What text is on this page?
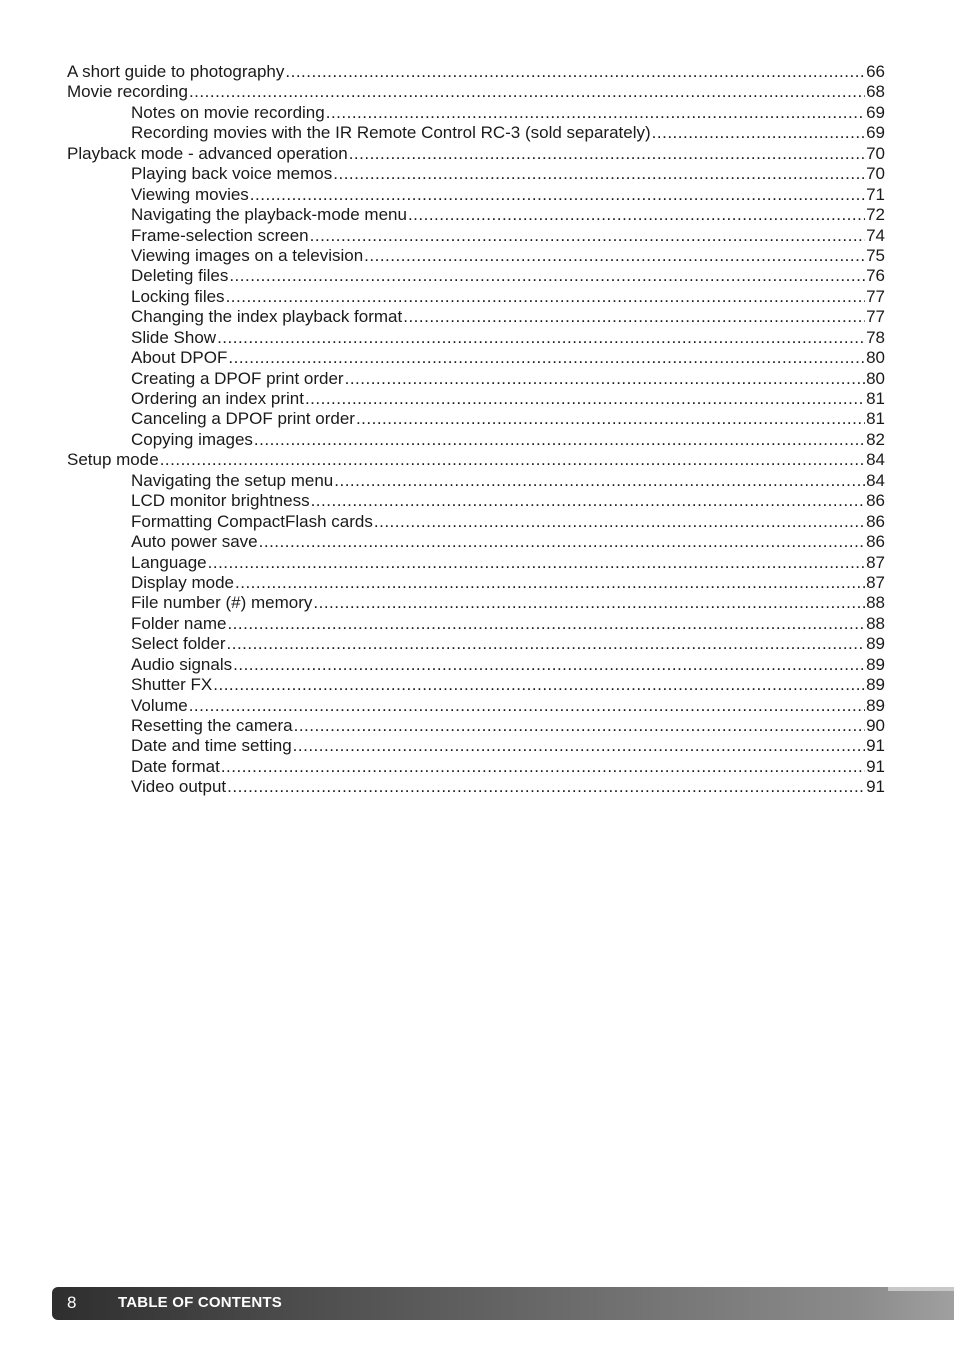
A short guide to photography .....	66
Movie recording .....	68
Notes on movie recording .....	69
Recording movies with the IR Remote Control RC-3 (sold separately) .....	69
Playback mode - advanced operation .....	70
Playing back voice memos .....	70
Viewing movies .....	71
Navigating the playback-mode menu .....	72
Frame-selection screen .....	74
Viewing images on a television .....	75
Deleting files .....	76
Locking files .....	77
Changing the index playback format .....	77
Slide Show .....	78
About DPOF .....	80
Creating a DPOF print order .....	80
Ordering an index print .....	81
Canceling a DPOF print order .....	81
Copying images .....	82
Setup mode .....	84
Navigating the setup menu .....	84
LCD monitor brightness .....	86
Formatting CompactFlash cards .....	86
Auto power save .....	86
Language .....	87
Display mode .....	87
File number (#) memory .....	88
Folder name .....	88
Select folder .....	89
Audio signals .....	89
Shutter FX .....	89
Volume .....	89
Resetting the camera .....	90
Date and time setting .....	91
Date format .....	91
Video output .....	91
8	TABLE OF CONTENTS
